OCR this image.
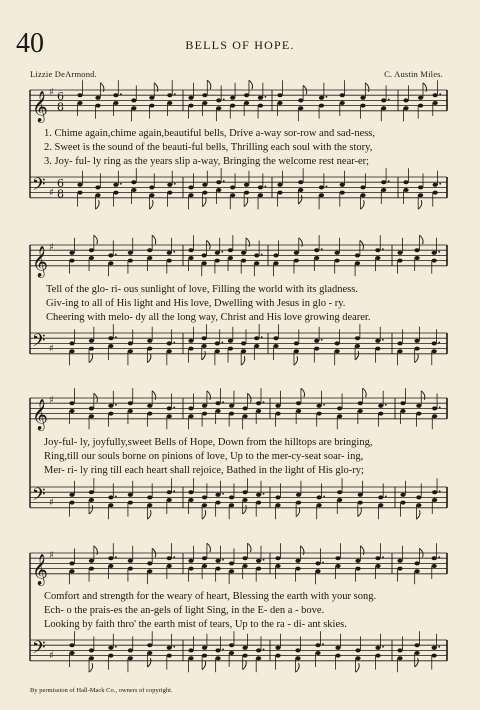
40	BELLS OF HOPE.
Lizzie DeArmond.	C. Austin Miles.
𝄞
𝄢
♯
♯
6
8
6
8
𝄞
𝄢
♯
♯
𝄞
𝄢
♯
♯
𝄞
𝄢
♯
♯
1. Chime again,chime again,beautiful bells, Drive a-way sor-row and sad-ness,
2. Sweet is the sound of the beauti-ful bells, Thrilling each soul with the story,
3. Joy- ful- ly ring as the years slip a-way, Bringing the welcome rest near-er;
Tell of the glo- ri- ous sunlight of love, Filling the world with its gladness.
Giv-ing to all of His light and His love, Dwelling with Jesus in glo - ry.
Cheering with melo- dy all the long way, Christ and His love growing dearer.
Joy-ful- ly, joyfully,sweet Bells of Hope, Down from the hilltops are bringing,
Ring,till our souls borne on pinions of love, Up to the mer-cy-seat soar- ing,
Mer- ri- ly ring till each heart shall rejoice, Bathed in the light of His glo-ry;
Comfort and strength for the weary of heart, Blessing the earth with your song.
Ech- o the prais-es the an-gels of light Sing, in the E- den a - bove.
Looking by faith thro' the earth mist of tears, Up to the ra - di- ant skies.
By permission of Hall-Mack Co., owners of copyright.
